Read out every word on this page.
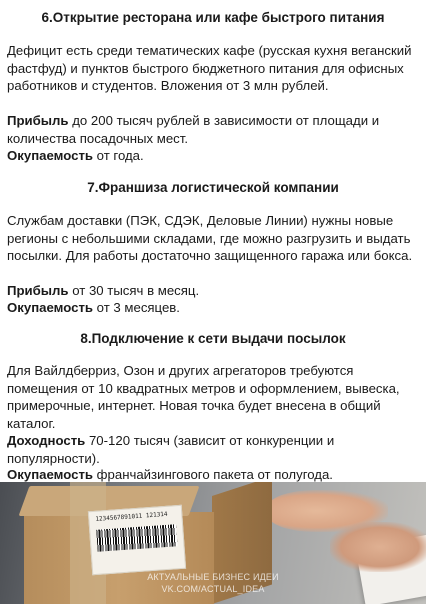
6.Открытие ресторана или кафе быстрого питания

Дефицит есть среди тематических кафе (русская кухня веганский фастфуд) и пунктов быстрого бюджетного питания для офисных работников и студентов. Вложения от 3 млн рублей.

Прибыль до 200 тысяч рублей в зависимости от площади и количества посадочных мест.

Окупаемость от года.

7.Франшиза логистической компании

Службам доставки (ПЭК, СДЭК, Деловые Линии) нужны новые регионы с небольшими складами, где можно разгрузить и выдать посылки. Для работы достаточно защищенного гаража или бокса.

Прибыль от 30 тысяч в месяц.

Окупаемость от 3 месяцев.

8.Подключение к сети выдачи посылок

Для Вайлдберриз, Озон и других агрегаторов требуются помещения от 10 квадратных метров и оформлением, вывеска, примерочные, интернет. Новая точка будет внесена в общий каталог.

Доходность 70-120 тысяч (зависит от конкуренции и популярности).

Окупаемость франчайзингового пакета от полугода.

1234567891011 121314
АКТУАЛЬНЫЕ БИЗНЕС ИДЕИ
VK.COM/ACTUAL_IDEA
